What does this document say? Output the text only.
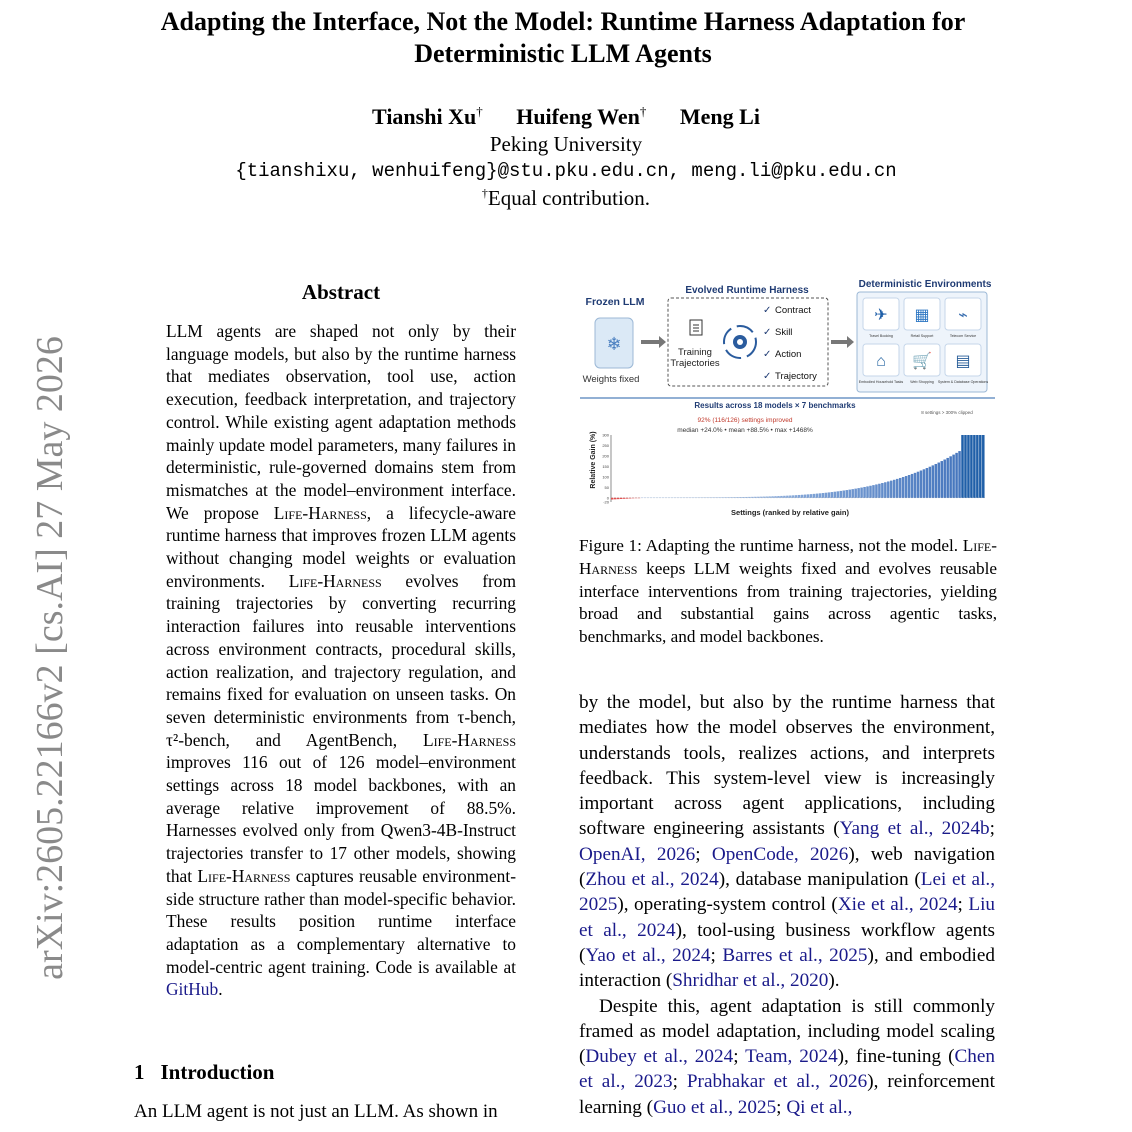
Adapting the Interface, Not the Model: Runtime Harness Adaptation for Deterministic LLM Agents
Tianshi Xu† Huifeng Wen† Meng Li
Peking University
{tianshixu, wenhuifeng}@stu.pku.edu.cn, meng.li@pku.edu.cn
†Equal contribution.
arXiv:2605.22166v2 [cs.AI] 27 May 2026
Abstract
LLM agents are shaped not only by their language models, but also by the runtime harness that mediates observation, tool use, action execution, feedback interpretation, and trajectory control. While existing agent adaptation methods mainly update model parameters, many failures in deterministic, rule-governed domains stem from mismatches at the model–environment interface. We propose Life-Harness, a lifecycle-aware runtime harness that improves frozen LLM agents without changing model weights or evaluation environments. Life-Harness evolves from training trajectories by converting recurring interaction failures into reusable interventions across environment contracts, procedural skills, action realization, and trajectory regulation, and remains fixed for evaluation on unseen tasks. On seven deterministic environments from τ-bench, τ²-bench, and AgentBench, Life-Harness improves 116 out of 126 model–environment settings across 18 model backbones, with an average relative improvement of 88.5%. Harnesses evolved only from Qwen3-4B-Instruct trajectories transfer to 17 other models, showing that Life-Harness captures reusable environment-side structure rather than model-specific behavior. These results position runtime interface adaptation as a complementary alternative to model-centric agent training. Code is available at GitHub.
1 Introduction
An LLM agent is not just an LLM. As shown in
Frozen LLM
❄
Weights fixed
Evolved Runtime Harness
Training Trajectories
✓ Contract
✓ Skill
✓ Action
✓ Trajectory
Deterministic Environments
✈
Travel Booking
▦
Retail Support
⌁
Telecom Service
⌂
Embodied Household Tasks
🛒
Web Shopping
▤
System & Database Operations
Results across 18 models × 7 benchmarks
92% (116/126) settings improved
median +24.0% • mean +88.5% • max +1468%
8 settings > 300% clipped
Relative Gain (%) 300
250
200
150
100
50
0
-20
Settings (ranked by relative gain)
Figure 1: Adapting the runtime harness, not the model. Life-Harness keeps LLM weights fixed and evolves reusable interface interventions from training trajectories, yielding broad and substantial gains across agentic tasks, benchmarks, and model backbones.

by the model, but also by the runtime harness that mediates how the model observes the environment, understands tools, realizes actions, and interprets feedback. This system-level view is increasingly important across agent applications, including software engineering assistants (Yang et al., 2024b; OpenAI, 2026; OpenCode, 2026), web navigation (Zhou et al., 2024), database manipulation (Lei et al., 2025), operating-system control (Xie et al., 2024; Liu et al., 2024), tool-using business workflow agents (Yao et al., 2024; Barres et al., 2025), and embodied interaction (Shridhar et al., 2020).

Despite this, agent adaptation is still commonly framed as model adaptation, including model scaling (Dubey et al., 2024; Team, 2024), fine-tuning (Chen et al., 2023; Prabhakar et al., 2026), reinforcement learning (Guo et al., 2025; Qi et al.,
